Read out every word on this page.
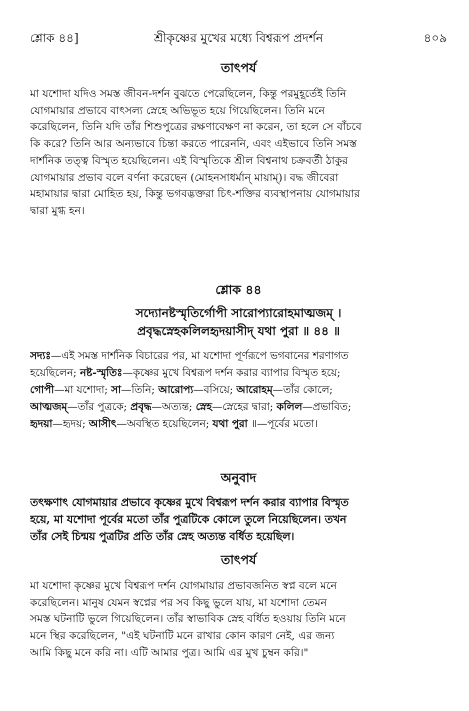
শ্লোক ৪৪]	শ্রীকৃষ্ণের মুখের মধ্যে বিশ্বরূপ প্রদর্শন	৪০৯
তাৎপর্য
মা যশোদা যদিও সমস্ত জীবন-দর্শন বুঝতে পেরেছিলেন, কিন্তু পরমুহূর্তেই তিনি
যোগমায়ার প্রভাবে বাৎসল্য স্নেহে অভিভূত হয়ে গিয়েছিলেন। তিনি মনে
করেছিলেন, তিনি যদি তাঁর শিশুপুত্রের রক্ষণাবেক্ষণ না করেন, তা হলে সে বাঁচবে
কি করে? তিনি আর অন্যভাবে চিন্তা করতে পারেননি, এবং এইভাবে তিনি সমস্ত
দার্শনিক তত্ত্ব বিস্মৃত হয়েছিলেন। এই বিস্মৃতিকে শ্রীল বিশ্বনাথ চক্রবর্তী ঠাকুর
যোগমায়ার প্রভাব বলে বর্ণনা করেছেন (মোহনসাধর্মান্ মায়াম্)। বদ্ধ জীবেরা
মহামায়ার দ্বারা মোহিত হয়, কিন্তু ভগবদ্ভক্তরা চিৎ-শক্তির ব্যবস্থাপনায় যোগমায়ার
দ্বারা মুগ্ধ হন।
শ্লোক ৪৪
সদ্যোনষ্টস্মৃতির্গোপী সারোপ্যারোহমাত্মজম্ ।
প্রবৃদ্ধস্নেহকলিলহৃদয়াসীদ্ যথা পুরা ॥ ৪৪ ॥
সদ্যঃ—এই সমস্ত দার্শনিক বিচারের পর, মা যশোদা পূর্ণরূপে ভগবানের শরণাগত
হয়েছিলেন; নষ্ট-স্মৃতিঃ—কৃষ্ণের মুখে বিশ্বরূপ দর্শন করার ব্যাপার বিস্মৃত হয়ে;
গোপী—মা যশোদা; সা—তিনি; আরোপ্য—বসিয়ে; আরোহম্—তাঁর কোলে;
আত্মজম্—তাঁর পুত্রকে; প্রবৃদ্ধ—অত্যন্ত; স্নেহ—স্নেহের দ্বারা; কলিল—প্রভাবিত;
হৃদয়া—হৃদয়; আসীৎ—অবস্থিত হয়েছিলেন; যথা পুরা ॥—পূর্বের মতো।
অনুবাদ
তৎক্ষণাৎ যোগমায়ার প্রভাবে কৃষ্ণের মুখে বিশ্বরূপ দর্শন করার ব্যাপার বিস্মৃত
হয়ে, মা যশোদা পূর্বের মতো তাঁর পুত্রটিকে কোলে তুলে নিয়েছিলেন। তখন
তাঁর সেই চিন্ময় পুত্রটির প্রতি তাঁর স্নেহ অত্যন্ত বর্ধিত হয়েছিল।
তাৎপর্য
মা যশোদা কৃষ্ণের মুখে বিশ্বরূপ দর্শন যোগমায়ার প্রভাবজনিত স্বপ্ন বলে মনে
করেছিলেন। মানুষ যেমন স্বপ্নের পর সব কিছু ভুলে যায়, মা যশোদা তেমন
সমস্ত ঘটনাটি ভুলে গিয়েছিলেন। তাঁর স্বাভাবিক স্নেহ বর্ধিত হওয়ায় তিনি মনে
মনে স্থির করেছিলেন, "এই ঘটনাটি মনে রাখার কোন কারণ নেই, এর জন্য
আমি কিছু মনে করি না। এটি আমার পুত্র। আমি এর মুখ চুম্বন করি।"
